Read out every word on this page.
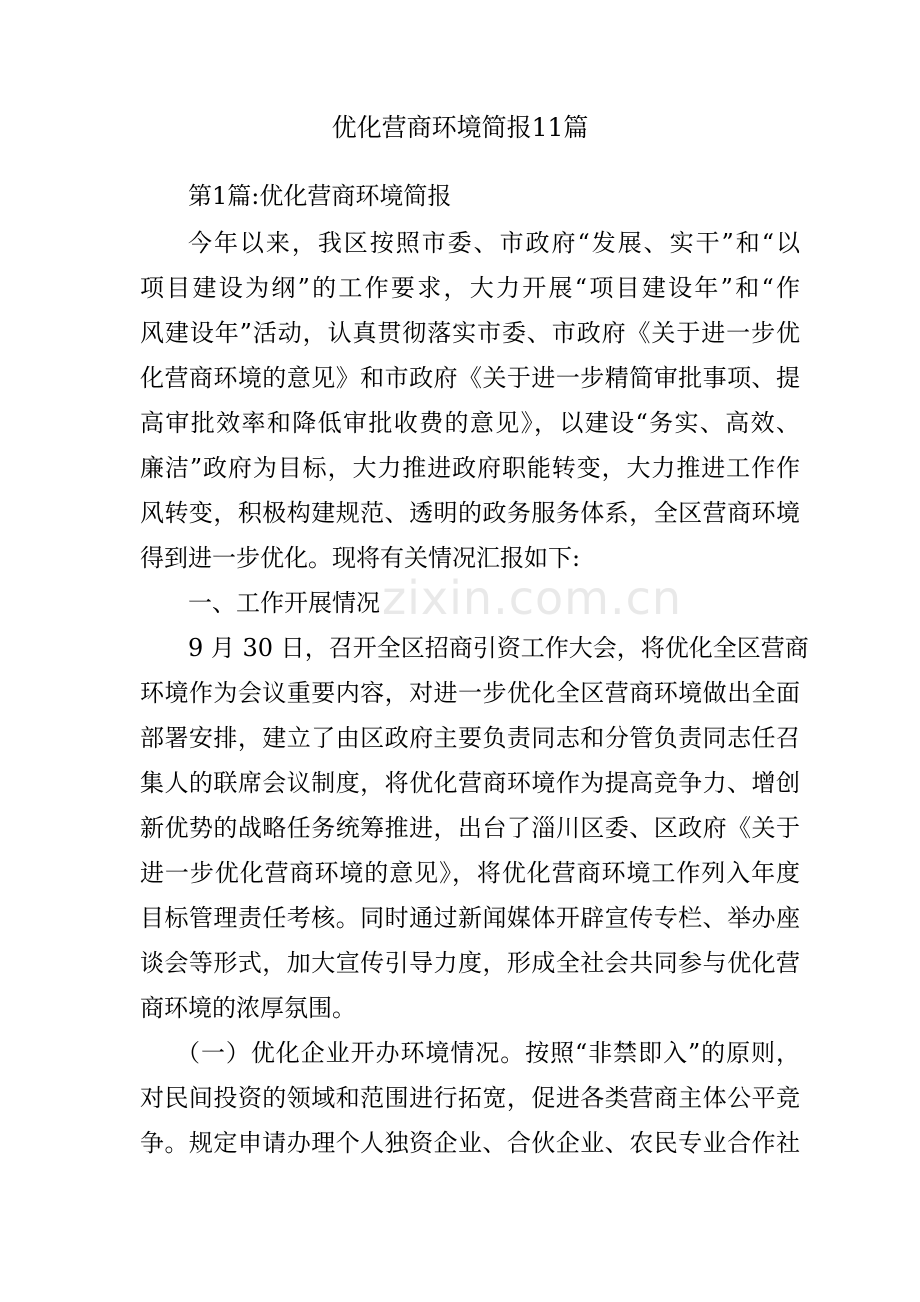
zixin.com.cn
优化营商环境简报11篇
第1篇:优化营商环境简报
今年以来，我区按照市委、市政府“发展、实干”和“以
项目建设为纲”的工作要求，大力开展“项目建设年”和“作
风建设年”活动，认真贯彻落实市委、市政府《关于进一步优
化营商环境的意见》和市政府《关于进一步精简审批事项、提
高审批效率和降低审批收费的意见》，以建设“务实、高效、
廉洁”政府为目标，大力推进政府职能转变，大力推进工作作
风转变，积极构建规范、透明的政务服务体系，全区营商环境
得到进一步优化。现将有关情况汇报如下:
一、工作开展情况
9 月 30 日，召开全区招商引资工作大会，将优化全区营商
环境作为会议重要内容，对进一步优化全区营商环境做出全面
部署安排，建立了由区政府主要负责同志和分管负责同志任召
集人的联席会议制度，将优化营商环境作为提高竞争力、增创
新优势的战略任务统筹推进，出台了淄川区委、区政府《关于
进一步优化营商环境的意见》，将优化营商环境工作列入年度
目标管理责任考核。同时通过新闻媒体开辟宣传专栏、举办座
谈会等形式，加大宣传引导力度，形成全社会共同参与优化营
商环境的浓厚氛围。
（一）优化企业开办环境情况。按照“非禁即入”的原则，
对民间投资的领域和范围进行拓宽，促进各类营商主体公平竞
争。规定申请办理个人独资企业、合伙企业、农民专业合作社
